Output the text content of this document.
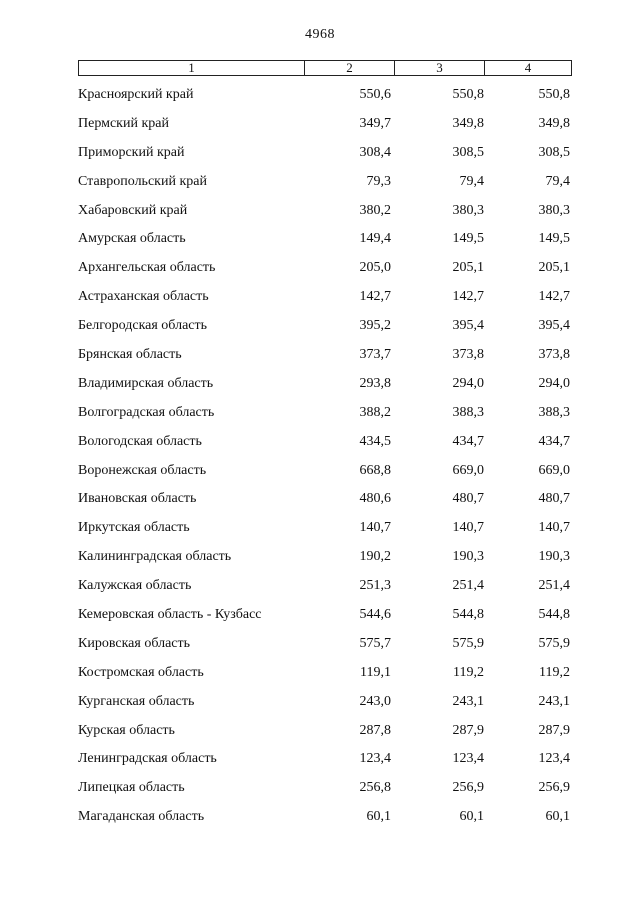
4968
1	2	3	4
Красноярский край	550,6	550,8	550,8
Пермский край	349,7	349,8	349,8
Приморский край	308,4	308,5	308,5
Ставропольский край	79,3	79,4	79,4
Хабаровский край	380,2	380,3	380,3
Амурская область	149,4	149,5	149,5
Архангельская область	205,0	205,1	205,1
Астраханская область	142,7	142,7	142,7
Белгородская область	395,2	395,4	395,4
Брянская область	373,7	373,8	373,8
Владимирская область	293,8	294,0	294,0
Волгоградская область	388,2	388,3	388,3
Вологодская область	434,5	434,7	434,7
Воронежская область	668,8	669,0	669,0
Ивановская область	480,6	480,7	480,7
Иркутская область	140,7	140,7	140,7
Калининградская область	190,2	190,3	190,3
Калужская область	251,3	251,4	251,4
Кемеровская область - Кузбасс	544,6	544,8	544,8
Кировская область	575,7	575,9	575,9
Костромская область	119,1	119,2	119,2
Курганская область	243,0	243,1	243,1
Курская область	287,8	287,9	287,9
Ленинградская область	123,4	123,4	123,4
Липецкая область	256,8	256,9	256,9
Магаданская область	60,1	60,1	60,1
